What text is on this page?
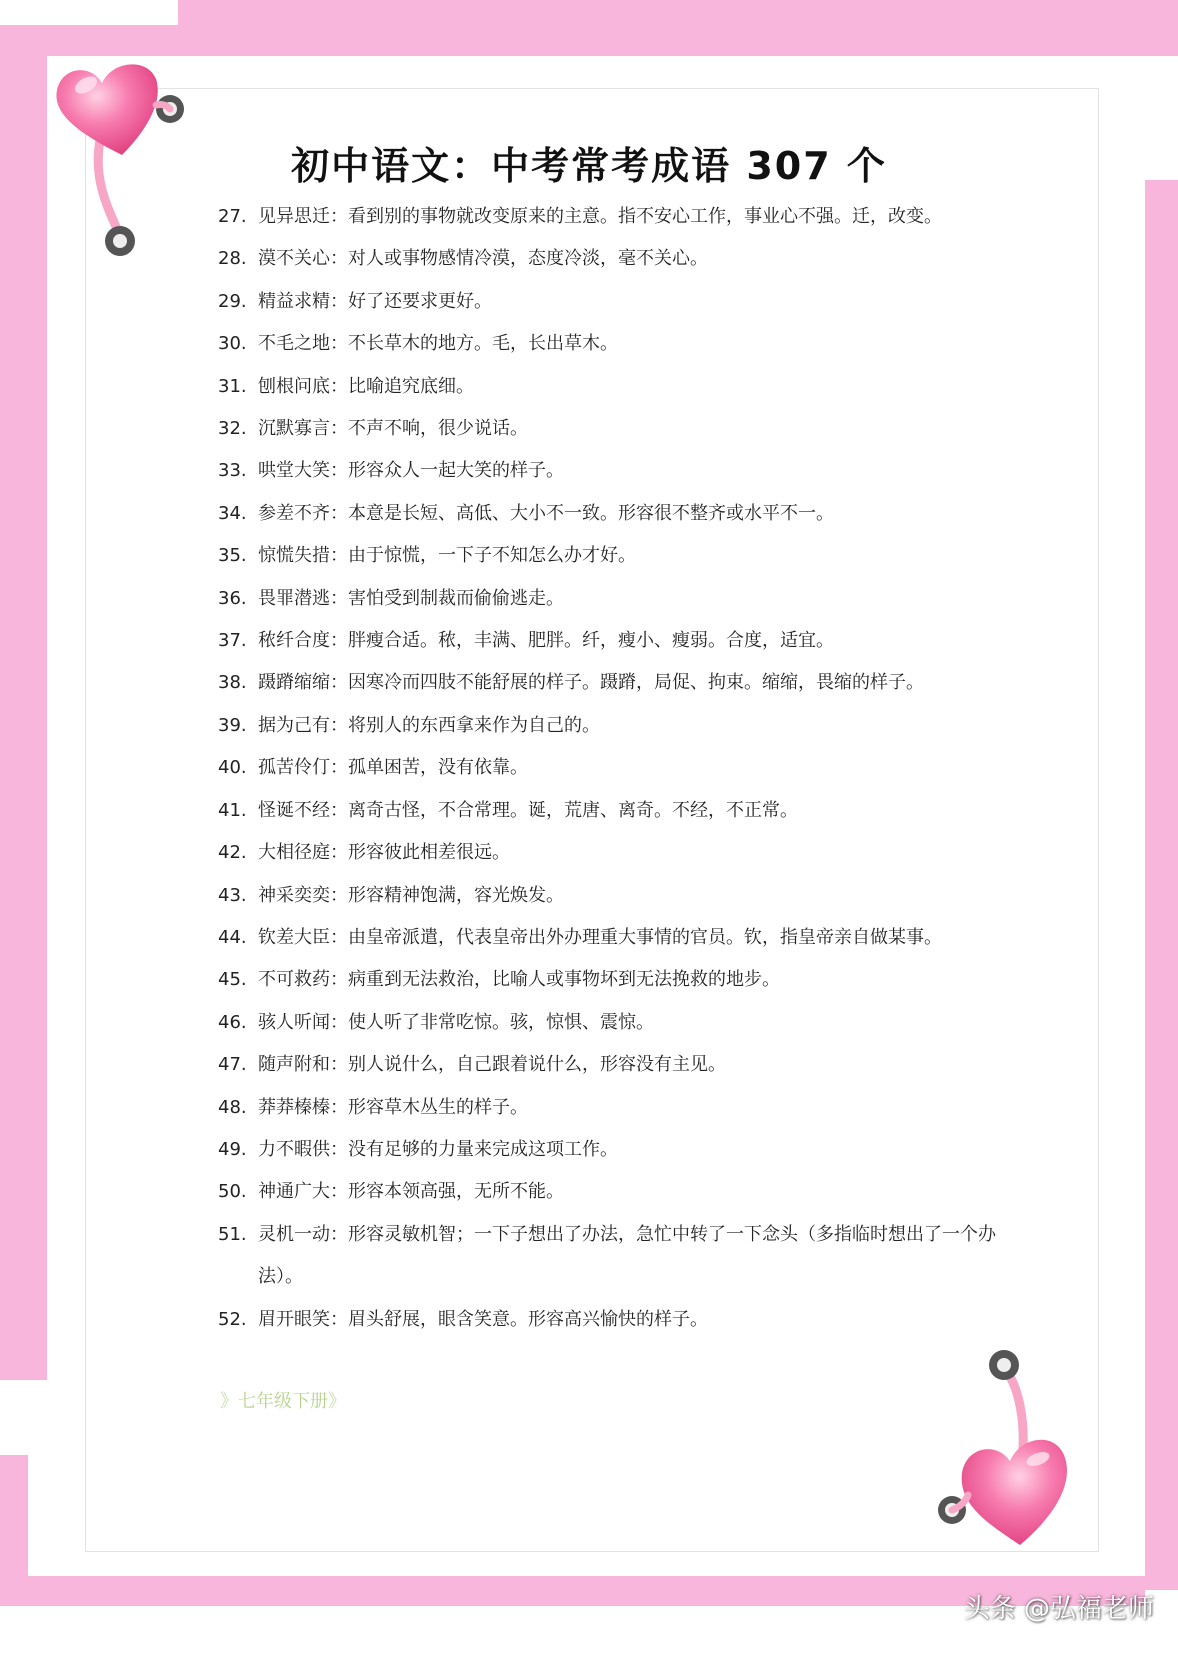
初中语文：中考常考成语 307 个
27. 见异思迁：看到别的事物就改变原来的主意。指不安心工作，事业心不强。迁，改变。
28. 漠不关心：对人或事物感情冷漠，态度冷淡，毫不关心。
29. 精益求精：好了还要求更好。
30. 不毛之地：不长草木的地方。毛，长出草木。
31. 刨根问底：比喻追究底细。
32. 沉默寡言：不声不响，很少说话。
33. 哄堂大笑：形容众人一起大笑的样子。
34. 参差不齐：本意是长短、高低、大小不一致。形容很不整齐或水平不一。
35. 惊慌失措：由于惊慌，一下子不知怎么办才好。
36. 畏罪潜逃：害怕受到制裁而偷偷逃走。
37. 秾纤合度：胖瘦合适。秾，丰满、肥胖。纤，瘦小、瘦弱。合度，适宜。
38. 蹑蹐缩缩：因寒冷而四肢不能舒展的样子。蹑蹐，局促、拘束。缩缩，畏缩的样子。
39. 据为己有：将别人的东西拿来作为自己的。
40. 孤苦伶仃：孤单困苦，没有依靠。
41. 怪诞不经：离奇古怪，不合常理。诞，荒唐、离奇。不经，不正常。
42. 大相径庭：形容彼此相差很远。
43. 神采奕奕：形容精神饱满，容光焕发。
44. 钦差大臣：由皇帝派遣，代表皇帝出外办理重大事情的官员。钦，指皇帝亲自做某事。
45. 不可救药：病重到无法救治，比喻人或事物坏到无法挽救的地步。
46. 骇人听闻：使人听了非常吃惊。骇，惊惧、震惊。
47. 随声附和：别人说什么，自己跟着说什么，形容没有主见。
48. 莽莽榛榛：形容草木丛生的样子。
49. 力不暇供：没有足够的力量来完成这项工作。
50. 神通广大：形容本领高强，无所不能。
51. 灵机一动：形容灵敏机智；一下子想出了办法，急忙中转了一下念头（多指临时想出了一个办法）。
52. 眉开眼笑：眉头舒展，眼含笑意。形容高兴愉快的样子。
》七年级下册》
头条 @弘福老师
